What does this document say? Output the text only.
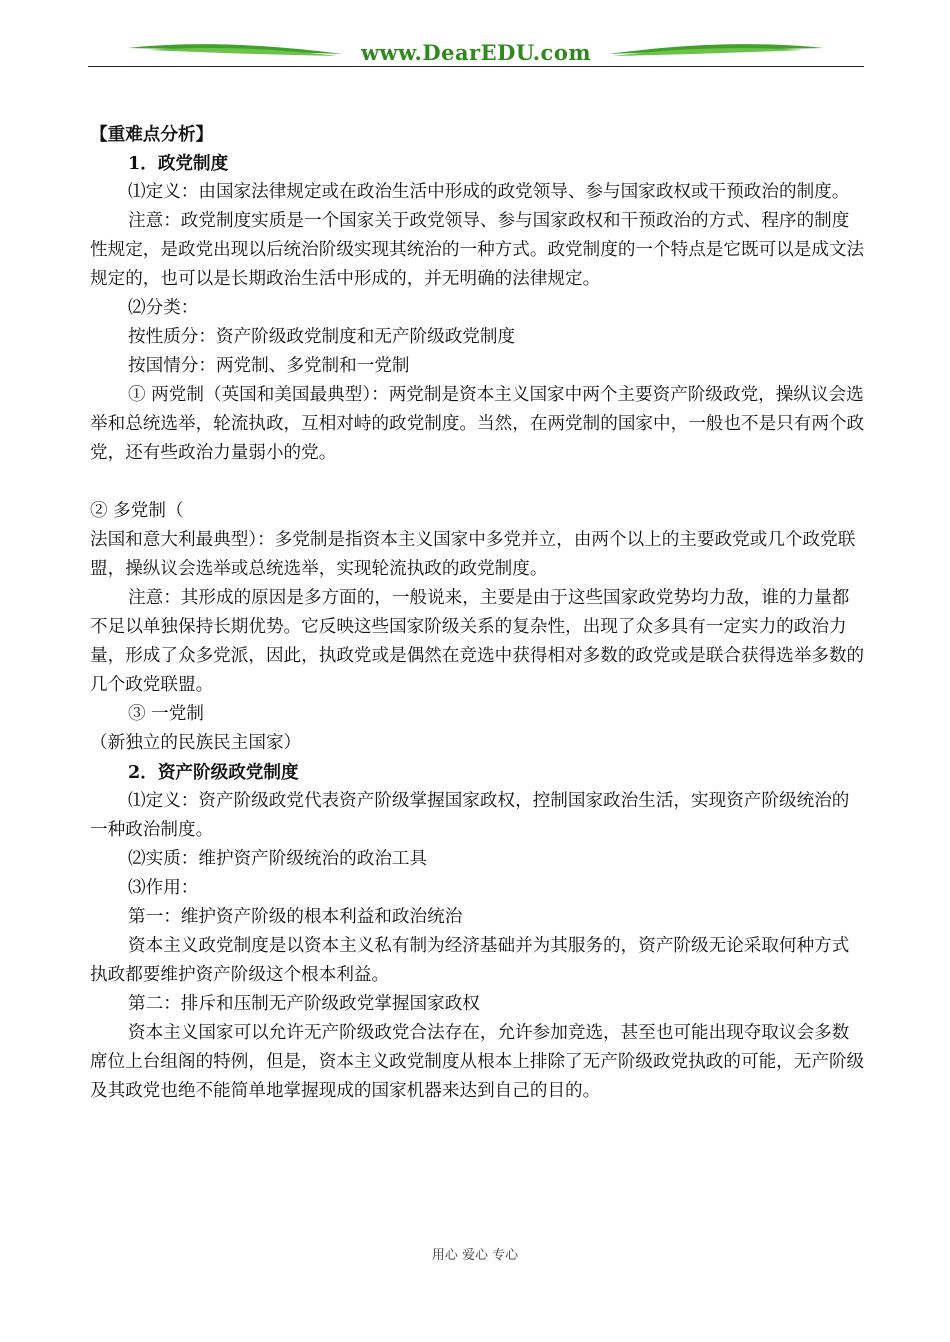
www.DearEDU.com

【重难点分析】

1．政党制度

⑴定义：由国家法律规定或在政治生活中形成的政党领导、参与国家政权或干预政治的制度。

注意：政党制度实质是一个国家关于政党领导、参与国家政权和干预政治的方式、程序的制度性规定，是政党出现以后统治阶级实现其统治的一种方式。政党制度的一个特点是它既可以是成文法规定的，也可以是长期政治生活中形成的，并无明确的法律规定。

⑵分类：

按性质分：资产阶级政党制度和无产阶级政党制度

按国情分：两党制、多党制和一党制

① 两党制（英国和美国最典型）：两党制是资本主义国家中两个主要资产阶级政党，操纵议会选举和总统选举，轮流执政，互相对峙的政党制度。当然，在两党制的国家中，一般也不是只有两个政党，还有些政治力量弱小的党。

② 多党制（

法国和意大利最典型）：多党制是指资本主义国家中多党并立，由两个以上的主要政党或几个政党联盟，操纵议会选举或总统选举，实现轮流执政的政党制度。

注意：其形成的原因是多方面的，一般说来，主要是由于这些国家政党势均力敌，谁的力量都不足以单独保持长期优势。它反映这些国家阶级关系的复杂性，出现了众多具有一定实力的政治力量，形成了众多党派，因此，执政党或是偶然在竞选中获得相对多数的政党或是联合获得选举多数的几个政党联盟。

③ 一党制

（新独立的民族民主国家）

2．资产阶级政党制度

⑴定义：资产阶级政党代表资产阶级掌握国家政权，控制国家政治生活，实现资产阶级统治的一种政治制度。

⑵实质：维护资产阶级统治的政治工具

⑶作用：

第一：维护资产阶级的根本利益和政治统治

资本主义政党制度是以资本主义私有制为经济基础并为其服务的，资产阶级无论采取何种方式执政都要维护资产阶级这个根本利益。

第二：排斥和压制无产阶级政党掌握国家政权

资本主义国家可以允许无产阶级政党合法存在，允许参加竞选，甚至也可能出现夺取议会多数席位上台组阁的特例，但是，资本主义政党制度从根本上排除了无产阶级政党执政的可能，无产阶级及其政党也绝不能简单地掌握现成的国家机器来达到自己的目的。

用心 爱心 专心
